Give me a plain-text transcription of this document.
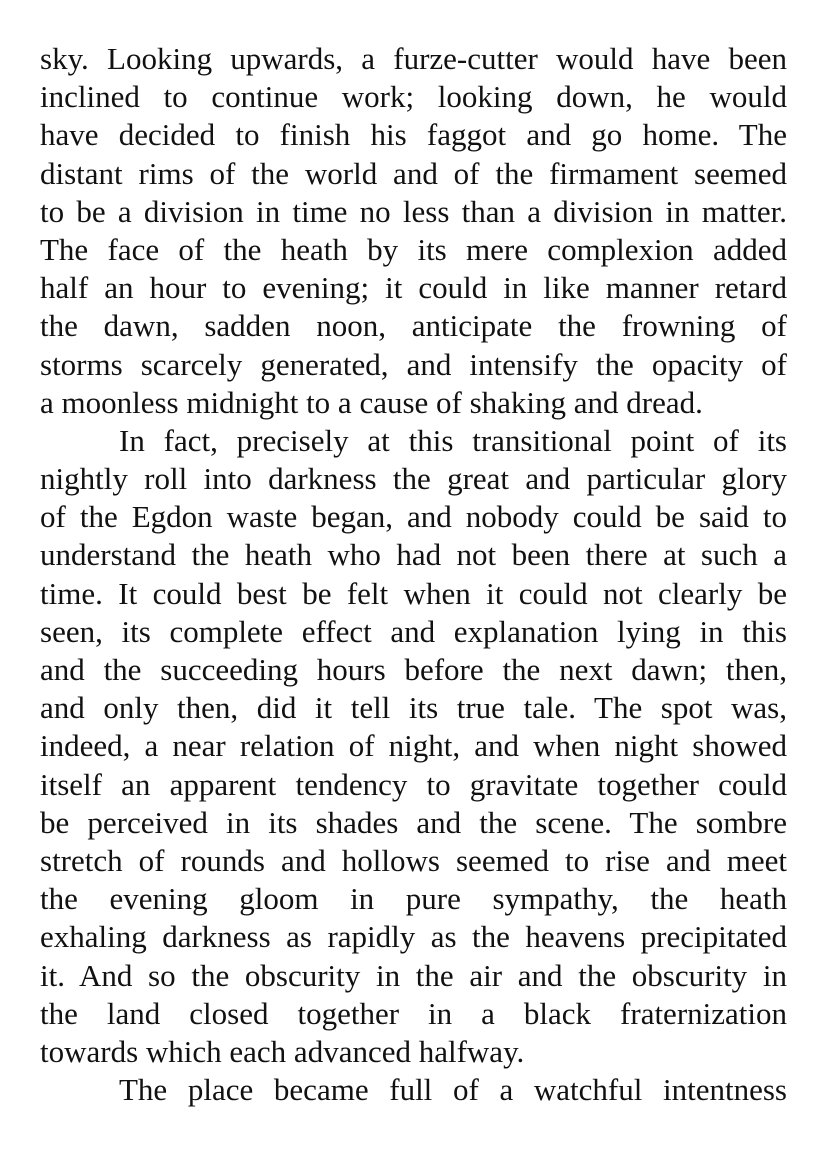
sky. Looking upwards, a furze-cutter would have been
inclined to continue work; looking down, he would
have decided to finish his faggot and go home. The
distant rims of the world and of the firmament seemed
to be a division in time no less than a division in matter.
The face of the heath by its mere complexion added
half an hour to evening; it could in like manner retard
the dawn, sadden noon, anticipate the frowning of
storms scarcely generated, and intensify the opacity of
a moonless midnight to a cause of shaking and dread.
In fact, precisely at this transitional point of its
nightly roll into darkness the great and particular glory
of the Egdon waste began, and nobody could be said to
understand the heath who had not been there at such a
time. It could best be felt when it could not clearly be
seen, its complete effect and explanation lying in this
and the succeeding hours before the next dawn; then,
and only then, did it tell its true tale. The spot was,
indeed, a near relation of night, and when night showed
itself an apparent tendency to gravitate together could
be perceived in its shades and the scene. The sombre
stretch of rounds and hollows seemed to rise and meet
the evening gloom in pure sympathy, the heath
exhaling darkness as rapidly as the heavens precipitated
it. And so the obscurity in the air and the obscurity in
the land closed together in a black fraternization
towards which each advanced halfway.
The place became full of a watchful intentness
